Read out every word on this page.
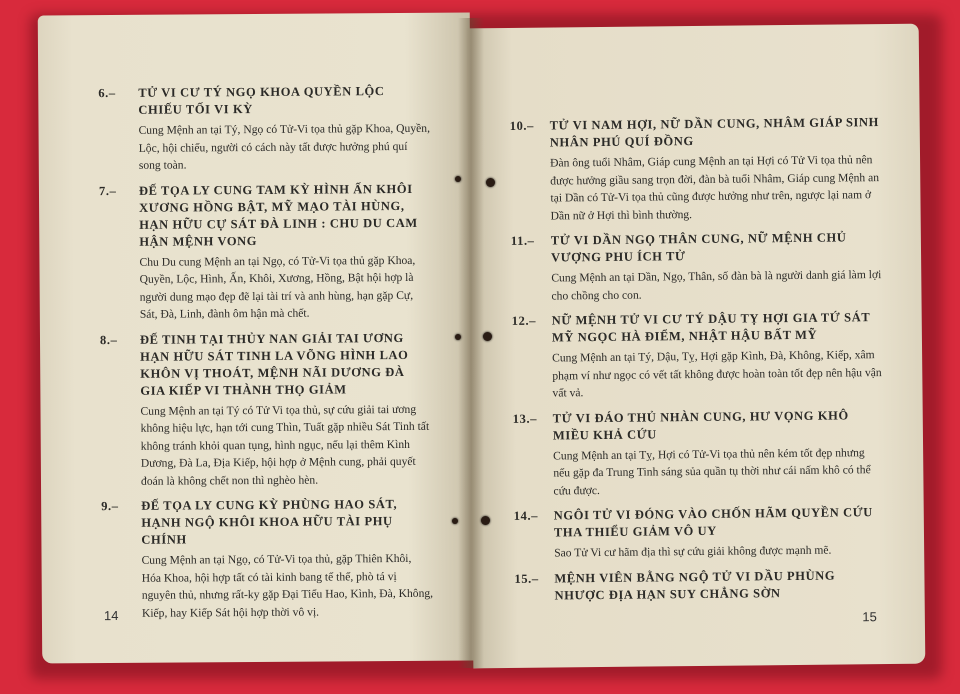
6.–	TỬ VI CƯ TÝ NGỌ KHOA QUYỀN LỘC CHIẾU TỐI VI KỲ
Cung Mệnh an tại Tý, Ngọ có Tử-Vi tọa thủ gặp Khoa, Quyền, Lộc, hội chiếu, người có cách này tất được hưởng phú quí song toàn.
7.–	ĐẾ TỌA LY CUNG TAM KỲ HÌNH ẤN KHÔI XƯƠNG HỒNG BẬT, MỸ MẠO TÀI HÙNG, HẠN HỮU CỰ SÁT ĐÀ LINH : CHU DU CAM HẬN MỆNH VONG
Chu Du cung Mệnh an tại Ngọ, có Tử-Vi tọa thủ gặp Khoa, Quyền, Lộc, Hình, Ấn, Khôi, Xương, Hồng, Bật hội hợp là người dung mạo đẹp đẽ lại tài trí và anh hùng, hạn gặp Cự, Sát, Đà, Linh, đành ôm hận mà chết.
8.–	ĐẾ TINH TẠI THỦY NAN GIẢI TAI ƯƠNG HẠN HỮU SÁT TINH LA VÕNG HÌNH LAO KHÔN VỊ THOÁT, MỆNH NÃI DƯƠNG ĐÀ GIA KIẾP VI THÀNH THỌ GIẢM
Cung Mệnh an tại Tý có Tử Vi tọa thủ, sự cứu giải tai ương không hiệu lực, hạn tới cung Thìn, Tuất gặp nhiều Sát Tinh tất không tránh khỏi quan tụng, hình ngục, nếu lại thêm Kình Dương, Đà La, Địa Kiếp, hội hợp ở Mệnh cung, phải quyết đoán là không chết non thì nghèo hèn.
9.–	ĐẾ TỌA LY CUNG KỲ PHÙNG HAO SÁT, HẠNH NGỘ KHÔI KHOA HỮU TÀI PHỤ CHÍNH
Cung Mệnh an tại Ngọ, có Tử-Vi tọa thủ, gặp Thiên Khôi, Hóa Khoa, hội hợp tất có tài kinh bang tế thế, phò tá vị nguyên thủ, nhưng rất-ky gặp Đại Tiểu Hao, Kình, Đà, Không, Kiếp, hay Kiếp Sát hội hợp thời vô vị.
14
10.–	TỬ VI NAM HỢI, NỮ DẦN CUNG, NHÂM GIÁP SINH NHÂN PHÚ QUÍ ĐỒNG
Đàn ông tuổi Nhâm, Giáp cung Mệnh an tại Hợi có Tử Vi tọa thủ nên được hưởng giầu sang trọn đời, đàn bà tuổi Nhâm, Giáp cung Mệnh an tại Dần có Tử-Vi tọa thủ cũng được hưởng như trên, ngược lại nam ở Dần nữ ở Hợi thì bình thường.
11.–	TỬ VI DẦN NGỌ THÂN CUNG, NỮ MỆNH CHỦ VƯỢNG PHU ÍCH TỬ
Cung Mệnh an tại Dần, Ngọ, Thân, số đàn bà là người danh giá làm lợi cho chồng cho con.
12.–	NỮ MỆNH TỬ VI CƯ TÝ DẬU TỴ HỢI GIA TỨ SÁT MỸ NGỌC HÀ ĐIỂM, NHẬT HẬU BẤT MỸ
Cung Mệnh an tại Tý, Dậu, Tỵ, Hợi gặp Kình, Đà, Không, Kiếp, xâm phạm ví như ngọc có vết tất không được hoàn toàn tốt đẹp nên hậu vận vất vả.
13.–	TỬ VI ĐÁO THỦ NHÀN CUNG, HƯ VỌNG KHÔ MIỀU KHẢ CỨU
Cung Mệnh an tại Tỵ, Hợi có Tử-Vi tọa thủ nên kém tốt đẹp nhưng nếu gặp đa Trung Tinh sáng sủa quần tụ thời như cái nấm khô có thể cứu được.
14.–	NGÔI TỬ VI ĐÓNG VÀO CHỐN HÃM QUYỀN CỨU THA THIỂU GIẢM VÔ UY
Sao Tử Vi cư hãm địa thì sự cứu giải không được mạnh mẽ.
15.–	MỆNH VIÊN BẰNG NGỘ TỬ VI DẦU PHÙNG NHƯỢC ĐỊA HẠN SUY CHẲNG SỜN
15
